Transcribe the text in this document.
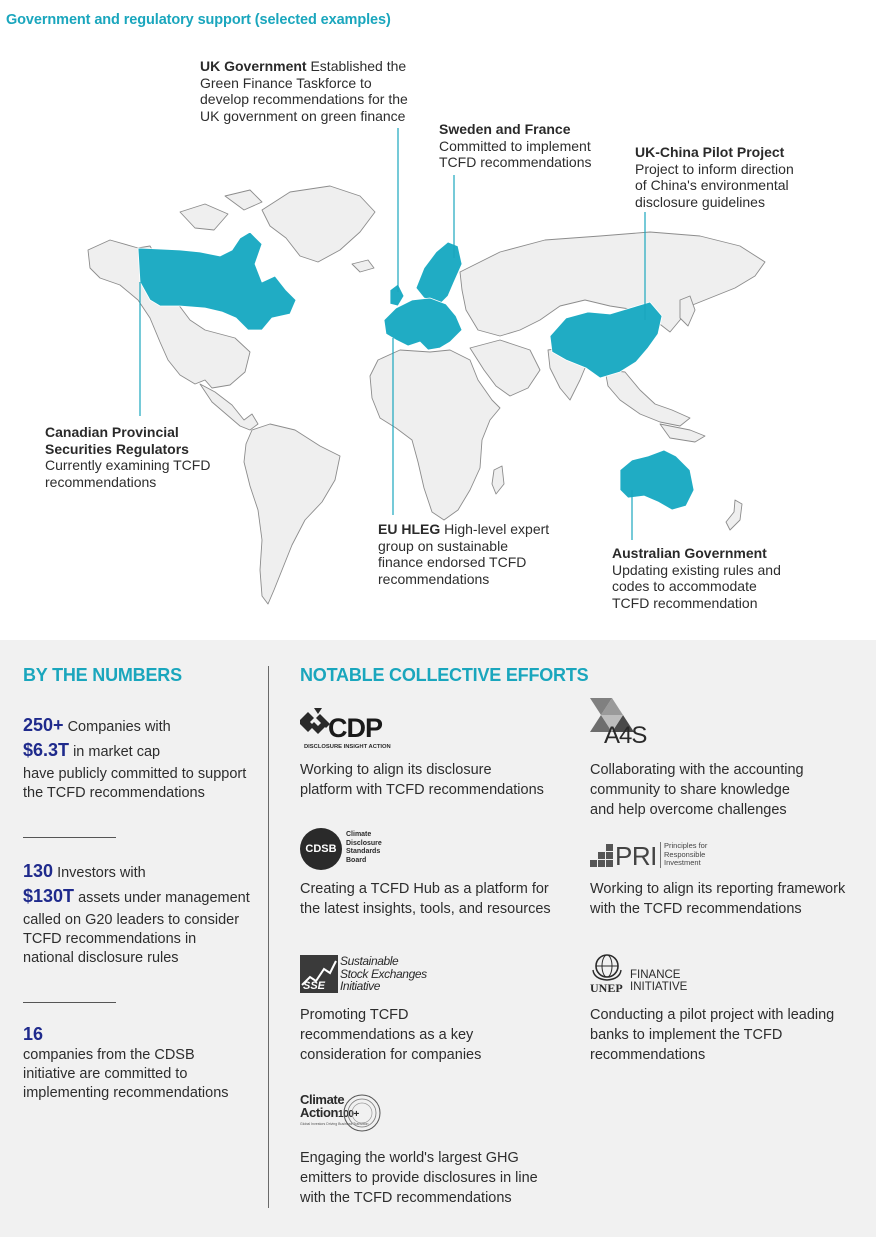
Government and regulatory support (selected examples)
UK Government Established the
Green Finance Taskforce to
develop recommendations for the
UK government on green finance
Sweden and France
Committed to implement
TCFD recommendations
UK-China Pilot Project
Project to inform direction
of China's environmental
disclosure guidelines
Canadian Provincial
Securities Regulators
Currently examining TCFD
recommendations
EU HLEG High-level expert
group on sustainable
finance endorsed TCFD
recommendations
Australian Government
Updating existing rules and
codes to accommodate
TCFD recommendation
BY THE NUMBERS	NOTABLE COLLECTIVE EFFORTS
250+ Companies with
$6.3T in market cap
have publicly committed to support
the TCFD recommendations
130 Investors with
$130T assets under management
called on G20 leaders to consider
TCFD recommendations in
national disclosure rules
16
companies from the CDSB
initiative are committed to
implementing recommendations
CDP
DISCLOSURE INSIGHT ACTION
Working to align its disclosure
platform with TCFD recommendations
A4S
Collaborating with the accounting
community to share knowledge
and help overcome challenges
CDSB
Climate
Disclosure
Standards
Board
Creating a TCFD Hub as a platform for
the latest insights, tools, and resources
PRI Principles for
Responsible
Investment
Working to align its reporting framework
with the TCFD recommendations
SSE
Sustainable
Stock Exchanges
Initiative
Promoting TCFD
recommendations as a key
consideration for companies
UNEP
FINANCE
INITIATIVE
Conducting a pilot project with leading
banks to implement the TCFD
recommendations
Climate
Action100+
Global Investors Driving Business Transition
Engaging the world's largest GHG
emitters to provide disclosures in line
with the TCFD recommendations
